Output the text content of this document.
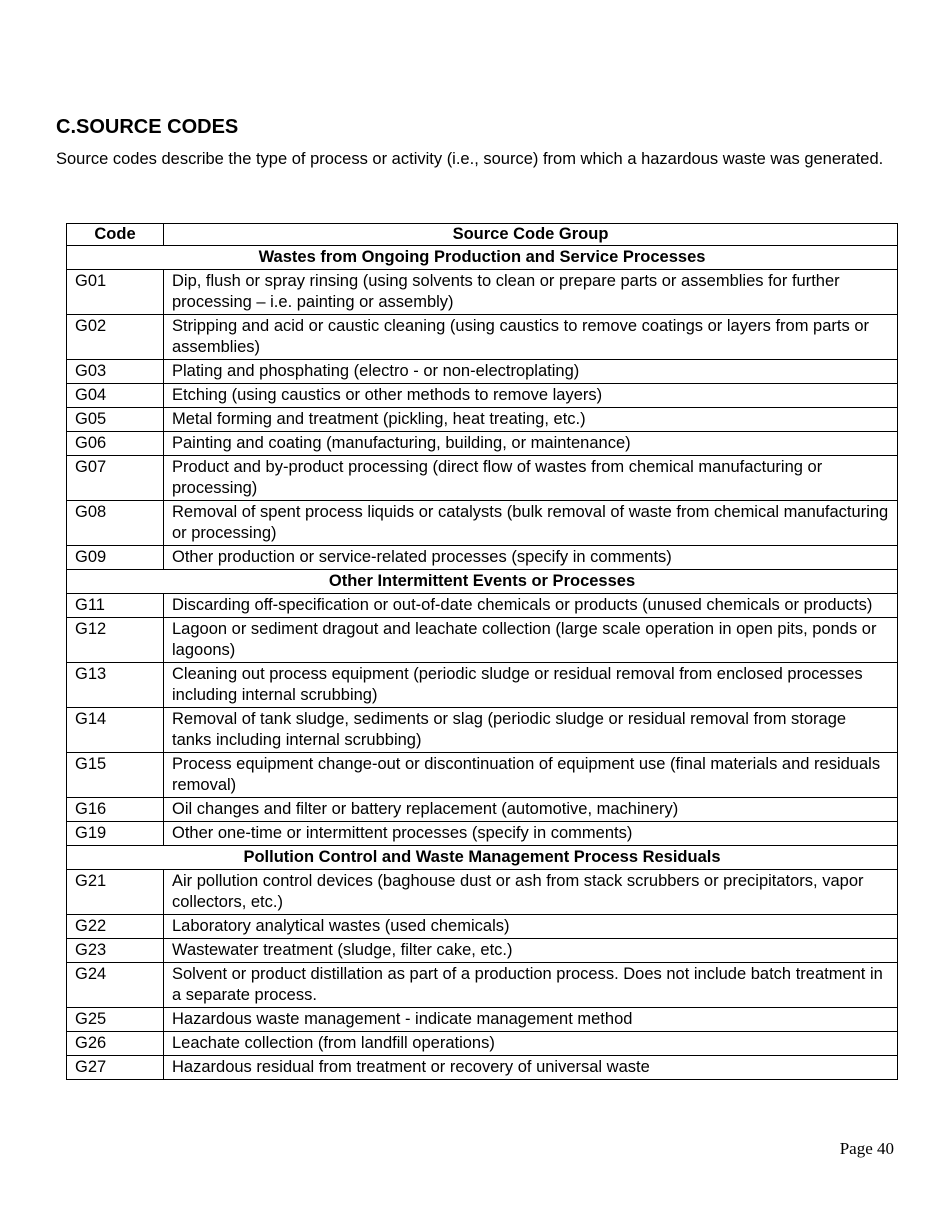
C.SOURCE CODES

Source codes describe the type of process or activity (i.e., source) from which a hazardous waste was generated.

Code	Source Code Group
Wastes from Ongoing Production and Service Processes	
G01	Dip, flush or spray rinsing (using solvents to clean or prepare parts or assemblies for further processing – i.e. painting or assembly)
G02	Stripping and acid or caustic cleaning (using caustics to remove coatings or layers from parts or assemblies)
G03	Plating and phosphating (electro - or non-electroplating)
G04	Etching (using caustics or other methods to remove layers)
G05	Metal forming and treatment (pickling, heat treating, etc.)
G06	Painting and coating (manufacturing, building, or maintenance)
G07	Product and by-product processing (direct flow of wastes from chemical manufacturing or processing)
G08	Removal of spent process liquids or catalysts (bulk removal of waste from chemical manufacturing or processing)
G09	Other production or service-related processes (specify in comments)
Other Intermittent Events or Processes	
G11	Discarding off-specification or out-of-date chemicals or products (unused chemicals or products)
G12	Lagoon or sediment dragout and leachate collection (large scale operation in open pits, ponds or lagoons)
G13	Cleaning out process equipment (periodic sludge or residual removal from enclosed processes including internal scrubbing)
G14	Removal of tank sludge, sediments or slag (periodic sludge or residual removal from storage tanks including internal scrubbing)
G15	Process equipment change-out or discontinuation of equipment use (final materials and residuals removal)
G16	Oil changes and filter or battery replacement (automotive, machinery)
G19	Other one-time or intermittent processes (specify in comments)
Pollution Control and Waste Management Process Residuals	
G21	Air pollution control devices (baghouse dust or ash from stack scrubbers or precipitators, vapor collectors, etc.)
G22	Laboratory analytical wastes (used chemicals)
G23	Wastewater treatment (sludge, filter cake, etc.)
G24	Solvent or product distillation as part of a production process. Does not include batch treatment in a separate process.
G25	Hazardous waste management - indicate management method
G26	Leachate collection (from landfill operations)
G27	Hazardous residual from treatment or recovery of universal waste
Page 40
